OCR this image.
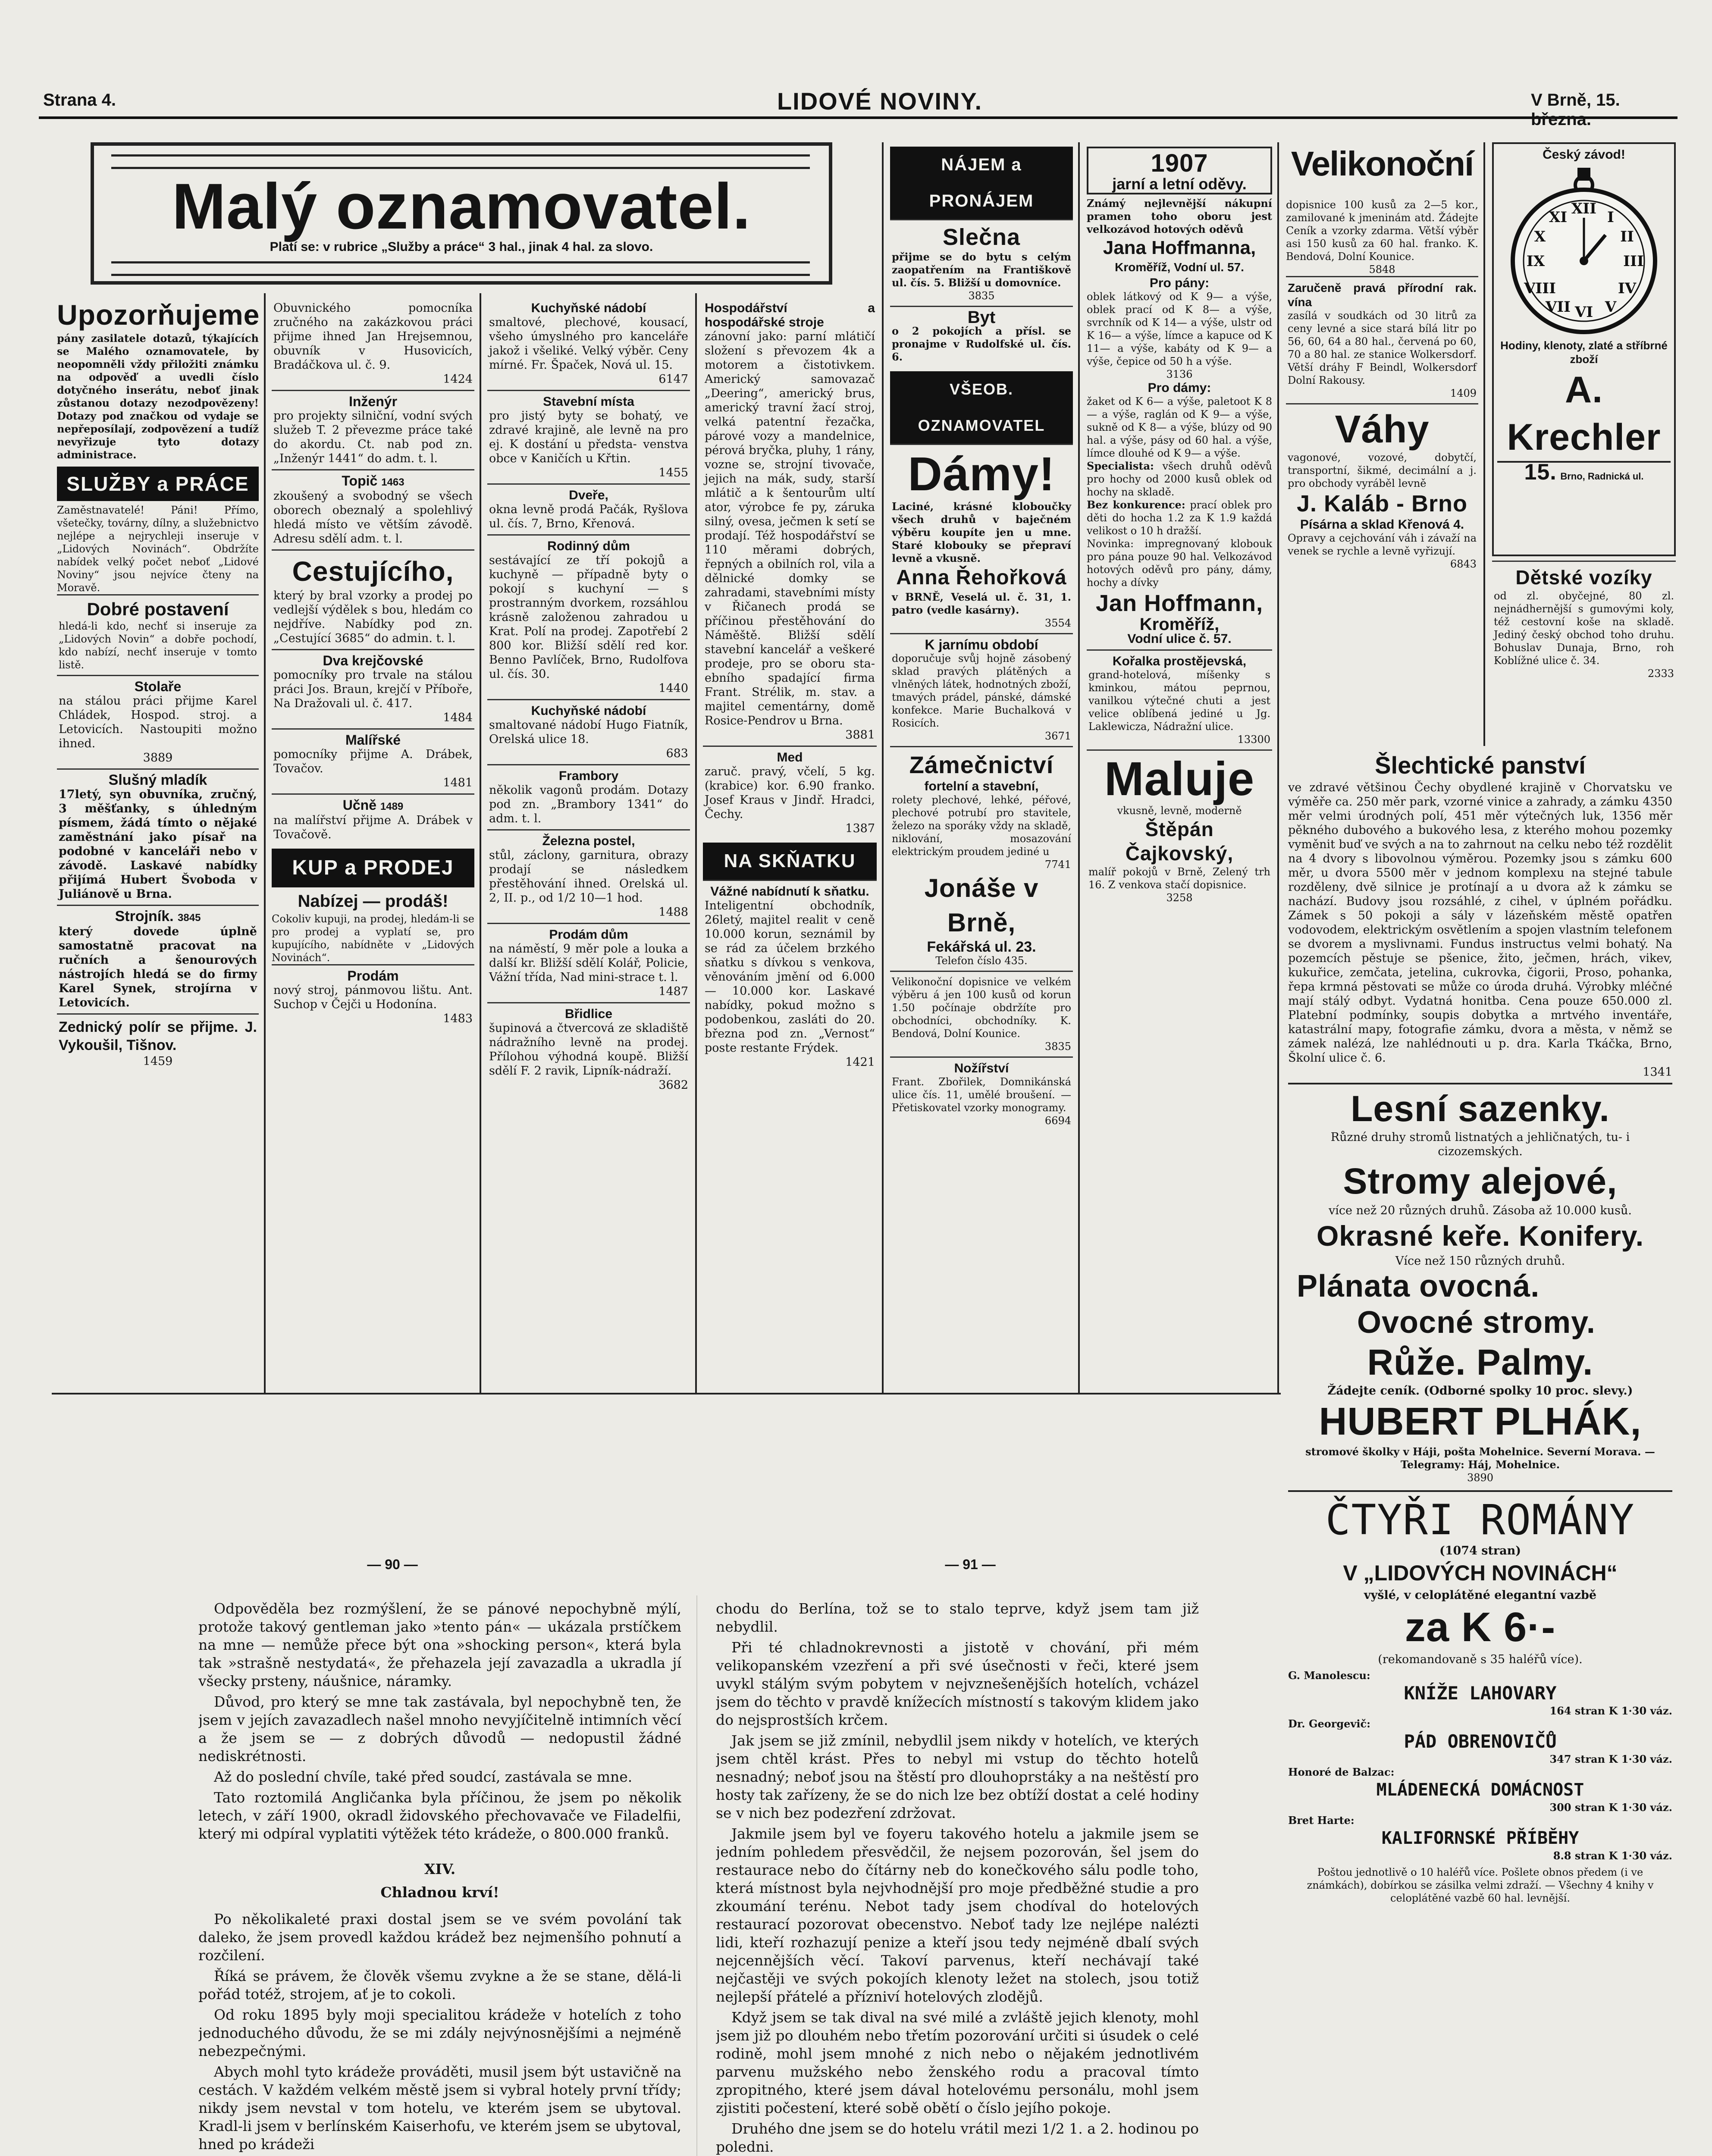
Strana 4.	LIDOVÉ NOVINY.	V Brně, 15. března.
Malý oznamovatel.
Platí se: v rubrice „Služby a práce“ 3 hal., jinak 4 hal. za slovo.
Upozorňujeme
pány zasilatele dotazů, týkajících se Malého oznamovatele, by neopomněli vždy přiložiti známku na odpověď a uvedli číslo dotyčného inserátu, neboť jinak zůstanou dotazy nezodpovězeny! Dotazy pod značkou od vydaje se nepřeposílají, zodpovězení a tudíž nevyřizuje tyto dotazy administrace.
SLUŽBY a PRÁCE
Zaměstnavatelé! Páni! Přímo, všetečky, továrny, dílny, a služebnictvo nejlépe a nejrychleji inseruje v „Lidových Novinách“. Obdržíte nabídek velký počet neboť „Lidové Noviny“ jsou nejvíce čteny na Moravě.
Dobré postavení
hledá-li kdo, nechť si inseruje za „Lidových Novin“ a dobře pochodí, kdo nabízí, nechť inseruje v tomto listě.
Stolaře
na stálou práci přijme Karel Chládek, Hospod. stroj. a Letovicích. Nastoupiti možno ihned.
3889
Slušný mladík
17letý, syn obuvníka, zručný, 3 měšťanky, s úhledným písmem, žádá tímto o nějaké zaměstnání jako písař na podobné v kanceláři nebo v závodě. Laskavé nabídky přijímá Hubert Švoboda v Juliánově u Brna.
Strojník. 3845
který dovede úplně samostatně pracovat na ručních a šenourových nástrojích hledá se do firmy Karel Synek, strojírna v Letovicích.
Zednický polír se přijme. J. Vykoušil, Tišnov.
1459
Obuvnického pomocníka zručného na zakázkovou práci přijme ihned Jan Hrejsemnou, obuvník v Husovicích, Bradáčkova ul. č. 9.
1424
Inženýr
pro projekty silniční, vodní svých služeb T. 2 převezme práce také do akordu. Ct. nab pod zn. „Inženýr 1441“ do adm. t. l.
Topič 1463
zkoušený a svobodný se všech oborech obeznalý a spolehlivý hledá místo ve větším závodě. Adresu sdělí adm. t. l.
Cestujícího,
který by bral vzorky a prodej po vedlejší výdělek s bou, hledám co nejdříve. Nabídky pod zn. „Cestující 3685“ do admin. t. l.
Dva krejčovské
pomocníky pro trvale na stálou práci Jos. Braun, krejčí v Příboře, Na Dražovali ul. č. 417.
1484
Malířské
pomocníky přijme A. Drábek, Tovačov.
1481
Učně 1489
na malířství přijme A. Drábek v Tovačově.
KUP a PRODEJ
Nabízej — prodáš!
Cokoliv kupuji, na prodej, hledám-li se pro prodej a vyplatí se, pro kupujícího, nabídněte v „Lidových Novinách“.
Prodám
nový stroj, pánmovou lištu. Ant. Suchop v Čejči u Hodonína.
1483
Kuchyňské nádobí
smaltové, plechové, kousací, všeho úmyslného pro kanceláře jakož i všeliké. Velký výběr. Ceny mírné. Fr. Špaček, Nová ul. 15.
6147
Stavební místa
pro jistý byty se bohatý, ve zdravé krajině, ale levně na pro ej. K dostání u předsta- venstva obce v Kaničích u Křtin.
1455
Dveře,
okna levně prodá Pačák, Ryšlova ul. čís. 7, Brno, Křenová.
Rodinný dům
sestávající ze tří pokojů a kuchyně — případně byty o pokojí s kuchyní — s prostranným dvorkem, rozsáhlou krásně založenou zahradou u Krat. Polí na prodej. Zapotřebí 2 800 kor. Bližší sdělí red kor. Benno Pavlíček, Brno, Rudolfova ul. čís. 30.
1440
Kuchyňské nádobí
smaltované nádobí Hugo Fiatník, Orelská ulice 18.
683
Frambory
několik vagonů prodám. Dotazy pod zn. „Brambory 1341“ do adm. t. l.
Železna postel,
stůl, záclony, garnitura, obrazy prodají se následkem přestěhování ihned. Orelská ul. 2, II. p., od 1/2 10—1 hod.
1488
Prodám dům
na náměstí, 9 měr pole a louka a další kr. Bližší sdělí Kolář, Policie, Vážní třída, Nad mini-strace t. l.
1487
Břidlice
šupinová a čtvercová ze skladiště nádražního levně na prodej. Přílohou výhodná koupě. Bližší sdělí F. 2 ravik, Lipník-nádraží.
3682
Hospodářství a hospodářské stroje
zánovní jako: parní mlátičí složení s převozem 4k a motorem a čistotivkem. Americký samovazač „Deering“, americký brus, americký travní žací stroj, velká patentní řezačka, párové vozy a mandelnice, pérová bryčka, pluhy, 1 rány, vozne se, strojní tivovače, jejich na mák, sudy, starší mlátič a k šentourům ultí ator, výrobce fe py, záruka silný, ovesa, ječmen k setí se prodají. Též hospodářství se 110 měrami dobrých, řepných a obilních rol, vila a dělnické domky se zahradami, stavebními místy v Řičanech prodá se příčinou přestěhování do Náměště. Bližší sdělí stavební kancelář a veškeré prodeje, pro se oboru sta-ebního spadající firma Frant. Strélik, m. stav. a majitel cementárny, domě Rosice-Pendrov u Brna.
3881
Med
zaruč. pravý, včelí, 5 kg. (krabice) kor. 6.90 franko. Josef Kraus v Jindř. Hradci, Čechy.
1387
NA SKŇATKU
Vážné nabídnutí k sňatku.
Inteligentní obchodník, 26letý, majitel realit v ceně 10.000 korun, seznámil by se rád za účelem brzkého sňatku s dívkou s venkova, věnováním jmění od 6.000 — 10.000 kor. Laskavé nabídky, pokud možno s podobenkou, zasláti do 20. března pod zn. „Vernost“ poste restante Frýdek.
1421
NÁJEM a PRONÁJEM
Slečna
přijme se do bytu s celým zaopatřením na Františkově ul. čís. 5. Bližší u domovníce.
3835
Byt
o 2 pokojích a přísl. se pronajme v Rudolfské ul. čís. 6.
VŠEOB. OZNAMOVATEL
Dámy!
Laciné, krásné kloboučky všech druhů v baječném výběru koupíte jen u mne. Staré klobouky se přepraví levně a vkusně.
Anna Řehořková
v BRNĚ, Veselá ul. č. 31, 1. patro (vedle kasárny).
3554
K jarnímu období
doporučuje svůj hojně zásobený sklad pravých plátěných a vlněných látek, hodnotných zboží, tmavých prádel, pánské, dámské konfekce. Marie Buchalková v Rosicích.
3671
Zámečnictví
fortelní a stavební,
rolety plechové, lehké, péřové, plechové potrubí pro stavitele, železo na sporáky vždy na skladě, niklování, mosazování elektrickým proudem jediné u
7741
Jonáše v Brně,
Fekářská ul. 23.
Telefon číslo 435.
Velikonoční dopisnice ve velkém výběru á jen 100 kusů od korun 1.50 počínaje obdržíte pro obchodníci, obchodníky. K. Bendová, Dolní Kounice.
3835
Nožířství
Frant. Zbořilek, Domnikánská ulice čís. 11, umělé broušení. — Přetiskovatel vzorky monogramy.
6694
1907
jarní a letní oděvy.
Známý nejlevnější nákupní pramen toho oboru jest velkozávod hotových oděvů
Jana Hoffmanna,
Kroměříž, Vodní ul. 57.
Pro pány:
oblek látkový od K 9— a výše, oblek prací od K 8— a výše, svrchník od K 14— a výše, ulstr od K 16— a výše, límce a kapuce od K 11— a výše, kabáty od K 9— a výše, čepice od 50 h a výše.
3136
Pro dámy:
žaket od K 6— a výše, paletoot K 8— a výše, raglán od K 9— a výše, sukně od K 8— a výše, blúzy od 90 hal. a výše, pásy od 60 hal. a výše, límce dlouhé od K 9— a výše.
Specialista: všech druhů oděvů pro hochy od 2000 kusů oblek od hochy na skladě.
Bez konkurence: prací oblek pro děti do hocha 1.2 za K 1.9 každá velikost o 10 h dražší.
Novinka: impregnovaný klobouk pro pána pouze 90 hal. Velkozávod hotových oděvů pro pány, dámy, hochy a dívky
Jan Hoffmann,
Kroměříž,
Vodní ulice č. 57.
Kořalka prostějevská,
grand-hotelová, míšenky s kminkou, mátou peprnou, vanilkou výtečné chuti a jest velice oblíbená jediné u Jg. Laklewicza, Nádražní ulice.
13300
Maluje
vkusně, levně, moderně
Štěpán Čajkovský,
malíř pokojů v Brně, Zelený trh 16. Z venkova stačí dopisnice.
3258
Velikonoční
dopisnice 100 kusů za 2—5 kor., zamilované k jmeninám atd. Žádejte Ceník a vzorky zdarma. Větší výběr asi 150 kusů za 60 hal. franko. K. Bendová, Dolní Kounice.
5848
Zaručeně pravá přírodní rak. vína
zasílá v soudkách od 30 litrů za ceny levné a sice stará bílá litr po 56, 60, 64 a 80 hal., červená po 60, 70 a 80 hal. ze stanice Wolkersdorf. Větší dráhy F Beindl, Wolkersdorf Dolní Rakousy.
1409
Váhy
vagonové, vozové, dobytčí, transportní, šikmé, decimální a j. pro obchody vyráběl levně
J. Kaláb - Brno
Písárna a sklad Křenová 4.
Opravy a cejchování váh i závaží na venek se rychle a levně vyřizují.
6843
Český závod!
XII
III
VI
IX
I
II
IV
V
VII
VIII
X
XI
Hodiny, klenoty, zlaté a stříbrné zboží
A. Krechler
15. Brno, Radnická ul.
Dětské vozíky
od zl. obyčejné, 80 zl. nejnádhernější s gumovými koly, též cestovní koše na skladě. Jediný český obchod toho druhu. Bohuslav Dunaja, Brno, roh Koblížné ulice č. 34.
2333
Šlechtické panství
ve zdravé většinou Čechy obydlené krajině v Chorvatsku ve výměře ca. 250 měr park, vzorné vinice a zahrady, a zámku 4350 měr velmi úrodných polí, 451 měr výtečných luk, 1356 měr pěkného dubového a bukového lesa, z kterého mohou pozemky vyměnit buď ve svých a na to zahrnout na celku nebo též rozdělit na 4 dvory s libovolnou výměrou. Pozemky jsou s zámku 600 měr, u dvora 5500 měr v jednom komplexu na stejné tabule rozděleny, dvě silnice je protínají a u dvora až k zámku se nachází. Budovy jsou rozsáhlé, z cihel, v úplném pořádku. Zámek s 50 pokoji a sály v lázeňském městě opatřen vodovodem, elektrickým osvětlením a spojen vlastním telefonem se dvorem a myslivnami. Fundus instructus velmi bohatý. Na pozemcích pěstuje se pšenice, žito, ječmen, hrách, vikev, kukuřice, zemčata, jetelina, cukrovka, čigorii, Proso, pohanka, řepa krmná pěstovati se může co úroda druhá. Výrobky mléčné mají stálý odbyt. Vydatná honitba. Cena pouze 650.000 zl. Platební podmínky, soupis dobytka a mrtvého inventáře, katastrální mapy, fotografie zámku, dvora a města, v němž se zámek nalézá, lze nahlédnouti u p. dra. Karla Tkáčka, Brno, Školní ulice č. 6.
1341
Lesní sazenky.
Různé druhy stromů listnatých a jehličnatých, tu- i cizozemských.
Stromy alejové,
více než 20 různých druhů. Zásoba až 10.000 kusů.
Okrasné keře. Konifery.
Více než 150 různých druhů.
Plánata ovocná.
Ovocné stromy.
Růže. Palmy.
Žádejte ceník. (Odborné spolky 10 proc. slevy.)
HUBERT PLHÁK,
stromové školky v Háji, pošta Mohelnice. Severní Morava. — Telegramy: Háj, Mohelnice.
3890
ČTYŘI ROMÁNY
(1074 stran)
V „LIDOVÝCH NOVINÁCH“
vyšlé, v celoplátěné elegantní vazbě
za K 6·-
(rekomandovaně s 35 haléřů více).
G. Manolescu:
KNÍŽE LAHOVARY
164 stran K 1·30 váz.
Dr. Georgevič:
PÁD OBRENOVIČŮ
347 stran K 1·30 váz.
Honoré de Balzac:
MLÁDENECKÁ DOMÁCNOST
300 stran K 1·30 váz.
Bret Harte:
KALIFORNSKÉ PŘÍBĚHY
8.8 stran K 1·30 váz.
Poštou jednotlivě o 10 haléřů více. Pošlete obnos předem (i ve známkách), dobírkou se zásilka velmi zdraží. — Všechny 4 knihy v celoplátěné vazbě 60 hal. levnější.
— 90 —	— 91 —

Odpověděla bez rozmýšlení, že se pánové nepochybně mýlí, protože takový gentleman jako »tento pán« — ukázala prstíčkem na mne — nemůže přece být ona »shocking person«, která byla tak »strašně nestydatá«, že přehazela její zavazadla a ukradla jí všecky prsteny, náušnice, náramky.

Důvod, pro který se mne tak zastávala, byl nepochybně ten, že jsem v jejích zavazadlech našel mnoho nevyjíčitelně intimních věcí a že jsem se — z dobrých důvodů — nedopustil žádné nediskrétnosti.

Až do poslední chvíle, také před soudcí, zastávala se mne.

Tato roztomilá Angličanka byla příčinou, že jsem po několik letech, v září 1900, okradl židovského přechovavače ve Filadelfii, který mi odpíral vyplatiti výtěžek této krádeže, o 800.000 franků.

XIV.
Chladnou krví!

Po několikaleté praxi dostal jsem se ve svém povolání tak daleko, že jsem provedl každou krádež bez nejmenšího pohnutí a rozčilení.

Říká se právem, že člověk všemu zvykne a že se stane, dělá-li pořád totéž, strojem, ať je to cokoli.

Od roku 1895 byly moji specialitou krádeže v hotelích z toho jednoduchého důvodu, že se mi zdály nejvýnosnějšími a nejméně nebezpečnými.

Abych mohl tyto krádeže prováděti, musil jsem být ustavičně na cestách. V každém velkém městě jsem si vybral hotely první třídy; nikdy jsem nevstal v tom hotelu, ve kterém jsem se ubytoval. Kradl-li jsem v berlínském Kaiserhofu, ve kterém jsem se ubytoval, hned po krádeži

chodu do Berlína, tož se to stalo teprve, když jsem tam již nebydlil.

Při té chladnokrevnosti a jistotě v chování, při mém velikopanském vzezření a při své úsečnosti v řeči, které jsem uvykl stálým svým pobytem v nejvznešenějších hotelích, vcházel jsem do těchto v pravdě knížecích místností s takovým klidem jako do nejsprostších krčem.

Jak jsem se již zmínil, nebydlil jsem nikdy v hotelích, ve kterých jsem chtěl krást. Přes to nebyl mi vstup do těchto hotelů nesnadný; neboť jsou na štěstí pro dlouhoprstáky a na neštěstí pro hosty tak zařízeny, že se do nich lze bez obtíží dostat a celé hodiny se v nich bez podezření zdržovat.

Jakmile jsem byl ve foyeru takového hotelu a jakmile jsem se jedním pohledem přesvědčil, že nejsem pozorován, šel jsem do restaurace nebo do čítárny neb do konečkového sálu podle toho, která místnost byla nejvhodnější pro moje předběžné studie a pro zkoumání terénu. Nebot tady jsem chodíval do hotelových restaurací pozorovat obecenstvo. Neboť tady lze nejlépe nalézti lidi, kteří rozhazují penize a kteří jsou tedy nejméně dbalí svých nejcennějších věcí. Takoví parvenus, kteří nechávají také nejčastěji ve svých pokojích klenoty ležet na stolech, jsou totiž nejlepší přátelé a přízniví hotelových zlodějů.

Když jsem se tak dival na své milé a zvláště jejich klenoty, mohl jsem již po dlouhém nebo třetím pozorování určiti si úsudek o celé rodině, mohl jsem mnohé z nich nebo o nějakém jednotlivém parvenu mužského nebo ženského rodu a pracoval tímto zpropitného, které jsem dával hotelovému personálu, mohl jsem zjistiti počestení, které sobě obětí o číslo jejího pokoje.

Druhého dne jsem se do hotelu vrátil mezi 1/2 1. a 2. hodinou po poledni.
